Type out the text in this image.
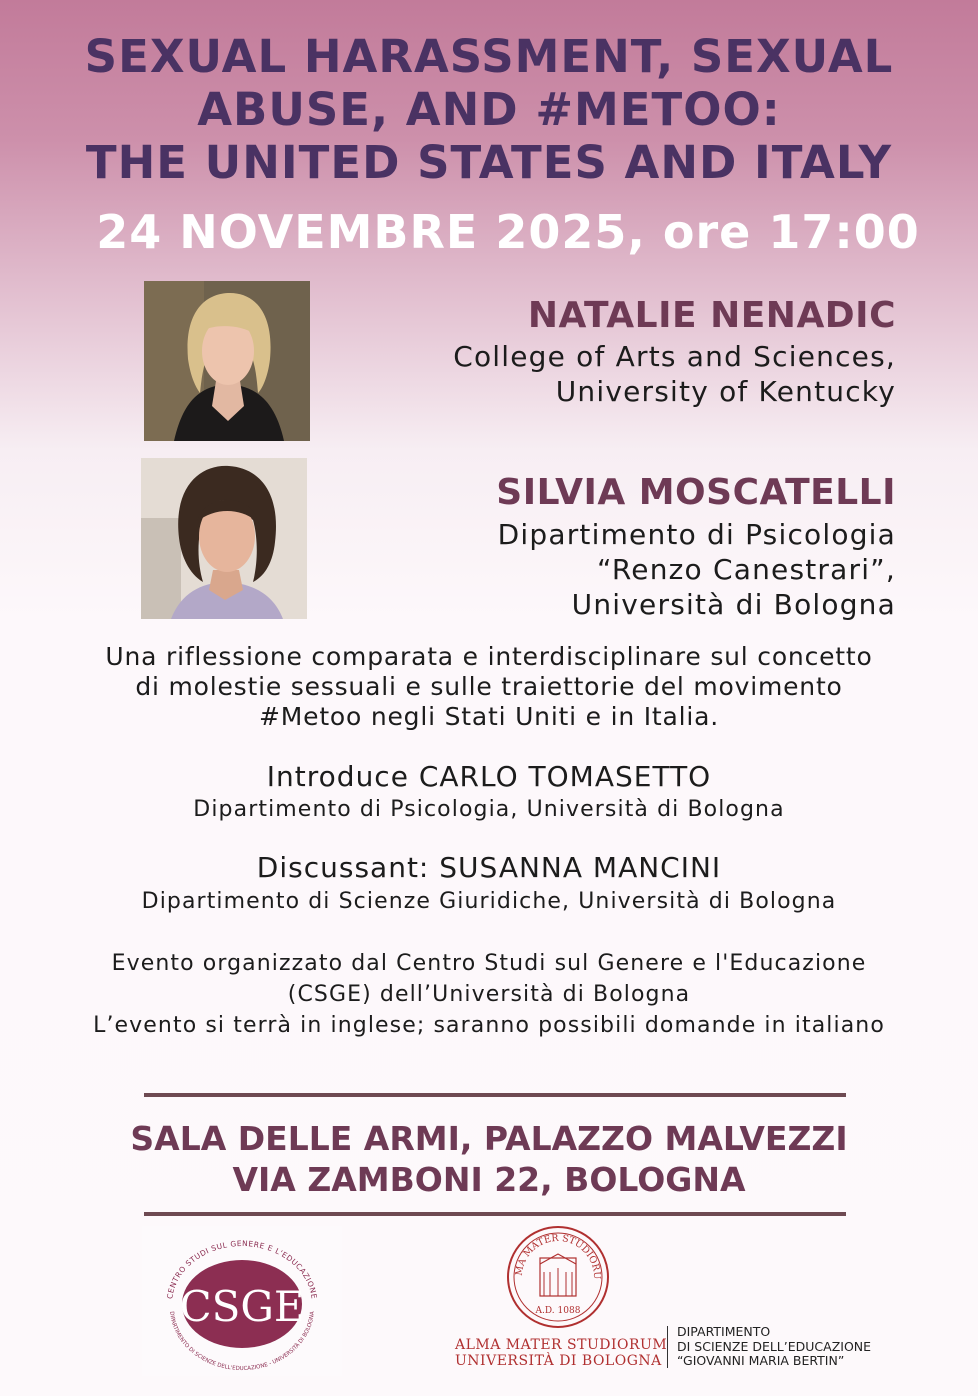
SEXUAL HARASSMENT, SEXUAL
ABUSE, AND #METOO:
THE UNITED STATES AND ITALY
24 NOVEMBRE 2025, ore 17:00
NATALIE NENADIC
College of Arts and Sciences,
University of Kentucky
SILVIA MOSCATELLI
Dipartimento di Psicologia
“Renzo Canestrari”,
Università di Bologna
Una riflessione comparata e interdisciplinare sul concetto
di molestie sessuali e sulle traiettorie del movimento
#Metoo negli Stati Uniti e in Italia.
Introduce CARLO TOMASETTO
Dipartimento di Psicologia, Università di Bologna
Discussant: SUSANNA MANCINI
Dipartimento di Scienze Giuridiche, Università di Bologna
Evento organizzato dal Centro Studi sul Genere e l'Educazione
(CSGE) dell’Università di Bologna
L’evento si terrà in inglese; saranno possibili domande in italiano
SALA DELLE ARMI, PALAZZO MALVEZZI
VIA ZAMBONI 22, BOLOGNA
CENTRO STUDI SUL GENERE E L'EDUCAZIONE
DIPARTIMENTO DI SCIENZE DELL'EDUCAZIONE - UNIVERSITÀ DI BOLOGNA
CSGE
MA MATER STUDIORU
A.D. 1088
ALMA MATER STUDIORUM
UNIVERSITÀ DI BOLOGNA
DIPARTIMENTO
DI SCIENZE DELL’EDUCAZIONE
“GIOVANNI MARIA BERTIN”
